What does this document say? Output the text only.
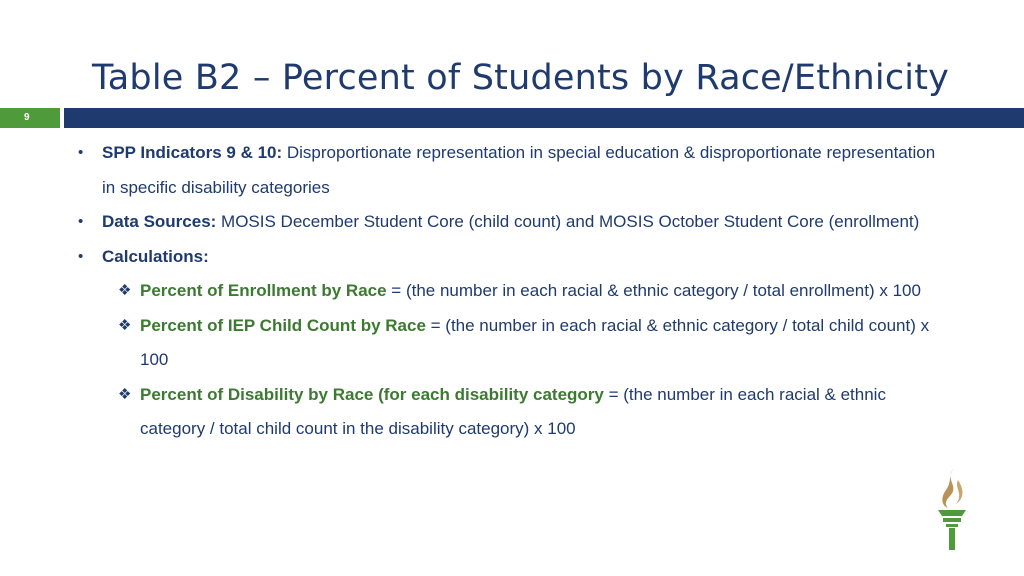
Table B2 – Percent of Students by Race/Ethnicity
9
• SPP Indicators 9 & 10: Disproportionate representation in special education & disproportionate representation in specific disability categories
• Data Sources: MOSIS December Student Core (child count) and MOSIS October Student Core (enrollment)
• Calculations:
❖ Percent of Enrollment by Race = (the number in each racial & ethnic category / total enrollment) x 100
❖ Percent of IEP Child Count by Race = (the number in each racial & ethnic category / total child count) x 100
❖ Percent of Disability by Race (for each disability category = (the number in each racial & ethnic category / total child count in the disability category) x 100
